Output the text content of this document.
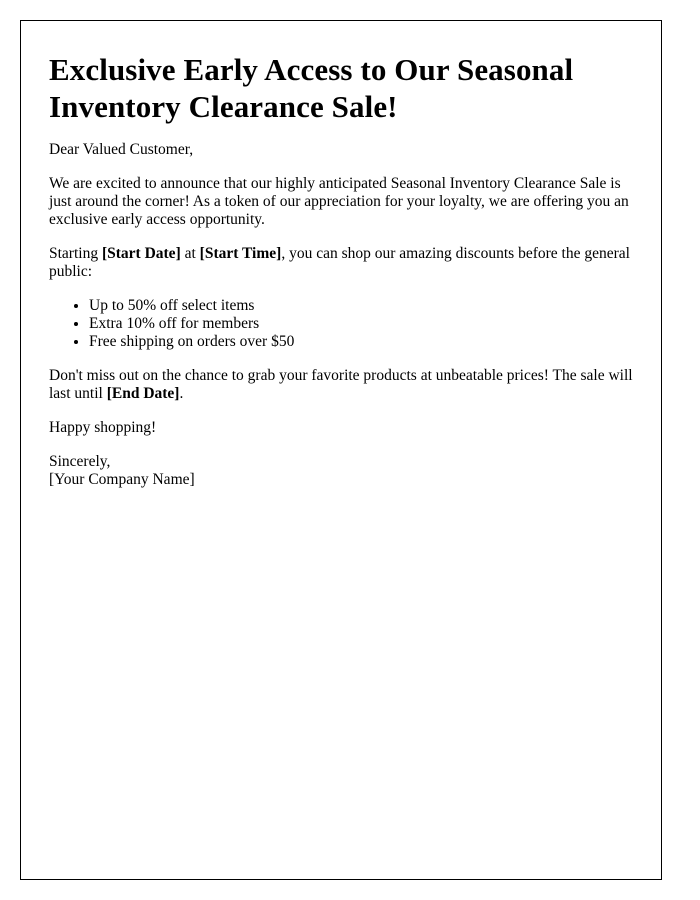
Exclusive Early Access to Our Seasonal Inventory Clearance Sale!

Dear Valued Customer,

We are excited to announce that our highly anticipated Seasonal Inventory Clearance Sale is just around the corner! As a token of our appreciation for your loyalty, we are offering you an exclusive early access opportunity.

Starting [Start Date] at [Start Time], you can shop our amazing discounts before the general public:

• Up to 50% off select items
• Extra 10% off for members
• Free shipping on orders over $50

Don't miss out on the chance to grab your favorite products at unbeatable prices! The sale will last until [End Date].

Happy shopping!

Sincerely,
[Your Company Name]
